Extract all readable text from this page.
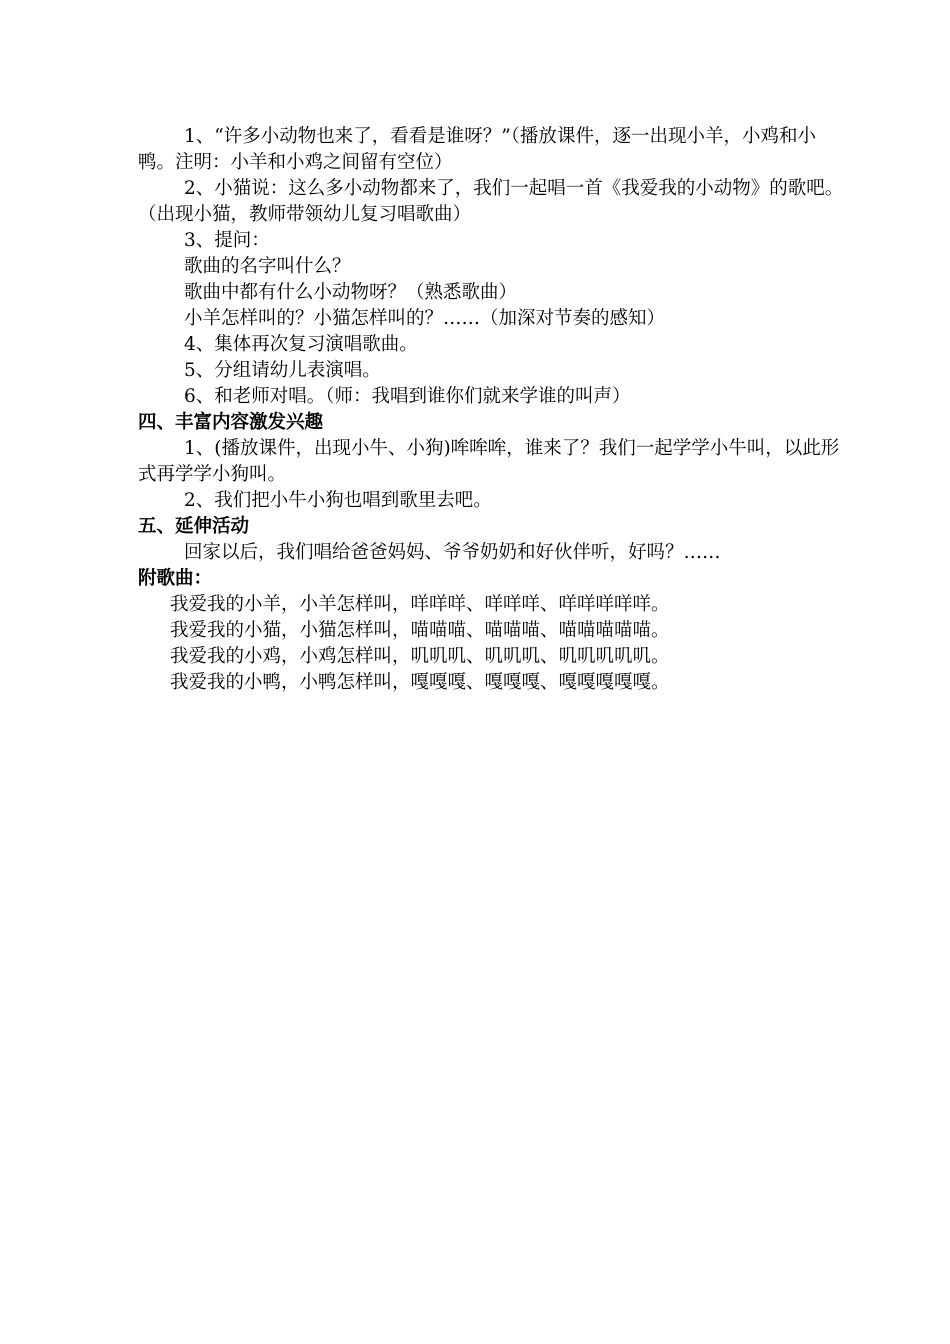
1、“许多小动物也来了，看看是谁呀？”（播放课件，逐一出现小羊，小鸡和小鸭。注明：小羊和小鸡之间留有空位）
2、小猫说：这么多小动物都来了，我们一起唱一首《我爱我的小动物》的歌吧。（出现小猫，教师带领幼儿复习唱歌曲）
3、提问：
歌曲的名字叫什么？
歌曲中都有什么小动物呀？（熟悉歌曲）
小羊怎样叫的？小猫怎样叫的？……（加深对节奏的感知）
4、集体再次复习演唱歌曲。
5、分组请幼儿表演唱。
6、和老师对唱。（师：我唱到谁你们就来学谁的叫声）
四、丰富内容激发兴趣
1、(播放课件，出现小牛、小狗)哞哞哞，谁来了？我们一起学学小牛叫，以此形式再学学小狗叫。
2、我们把小牛小狗也唱到歌里去吧。
五、延伸活动
回家以后，我们唱给爸爸妈妈、爷爷奶奶和好伙伴听，好吗？……
附歌曲：
我爱我的小羊，小羊怎样叫，咩咩咩、咩咩咩、咩咩咩咩咩。
我爱我的小猫，小猫怎样叫，喵喵喵、喵喵喵、喵喵喵喵喵。
我爱我的小鸡，小鸡怎样叫，叽叽叽、叽叽叽、叽叽叽叽叽。
我爱我的小鸭，小鸭怎样叫，嘎嘎嘎、嘎嘎嘎、嘎嘎嘎嘎嘎。
